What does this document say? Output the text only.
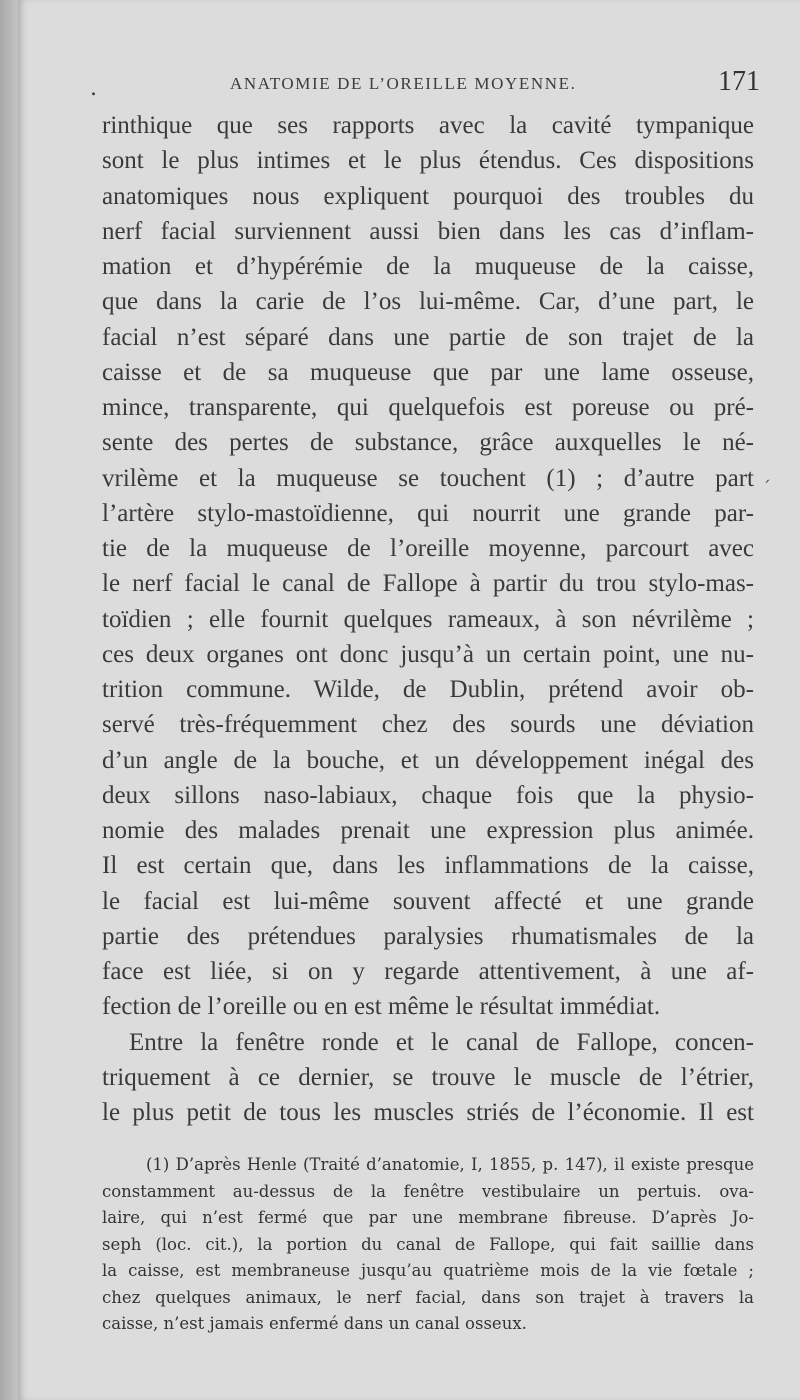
.	ANATOMIE DE L’OREILLE MOYENNE.	171
rinthique que ses rapports avec la cavité tympanique
sont le plus intimes et le plus étendus. Ces dispositions
anatomiques nous expliquent pourquoi des troubles du
nerf facial surviennent aussi bien dans les cas d’inflam-
mation et d’hypérémie de la muqueuse de la caisse,
que dans la carie de l’os lui-même. Car, d’une part, le
facial n’est séparé dans une partie de son trajet de la
caisse et de sa muqueuse que par une lame osseuse,
mince, transparente, qui quelquefois est poreuse ou pré-
sente des pertes de substance, grâce auxquelles le né-
vrilème et la muqueuse se touchent (1) ; d’autre part
l’artère stylo-mastoïdienne, qui nourrit une grande par-
tie de la muqueuse de l’oreille moyenne, parcourt avec
le nerf facial le canal de Fallope à partir du trou stylo-mas-
toïdien ; elle fournit quelques rameaux, à son névrilème ;
ces deux organes ont donc jusqu’à un certain point, une nu-
trition commune. Wilde, de Dublin, prétend avoir ob-
servé très-fréquemment chez des sourds une déviation
d’un angle de la bouche, et un développement inégal des
deux sillons naso-labiaux, chaque fois que la physio-
nomie des malades prenait une expression plus animée.
Il est certain que, dans les inflammations de la caisse,
le facial est lui-même souvent affecté et une grande
partie des prétendues paralysies rhumatismales de la
face est liée, si on y regarde attentivement, à une af-
fection de l’oreille ou en est même le résultat immédiat.
Entre la fenêtre ronde et le canal de Fallope, concen-
triquement à ce dernier, se trouve le muscle de l’étrier,
le plus petit de tous les muscles striés de l’économie. Il est
´
(1) D’après Henle (Traité d’anatomie, I, 1855, p. 147), il existe presque
constamment au-dessus de la fenêtre vestibulaire un pertuis. ova-
laire, qui n’est fermé que par une membrane fibreuse. D’après Jo-
seph (loc. cit.), la portion du canal de Fallope, qui fait saillie dans
la caisse, est membraneuse jusqu’au quatrième mois de la vie fœtale ;
chez quelques animaux, le nerf facial, dans son trajet à travers la
caisse, n’est jamais enfermé dans un canal osseux.
